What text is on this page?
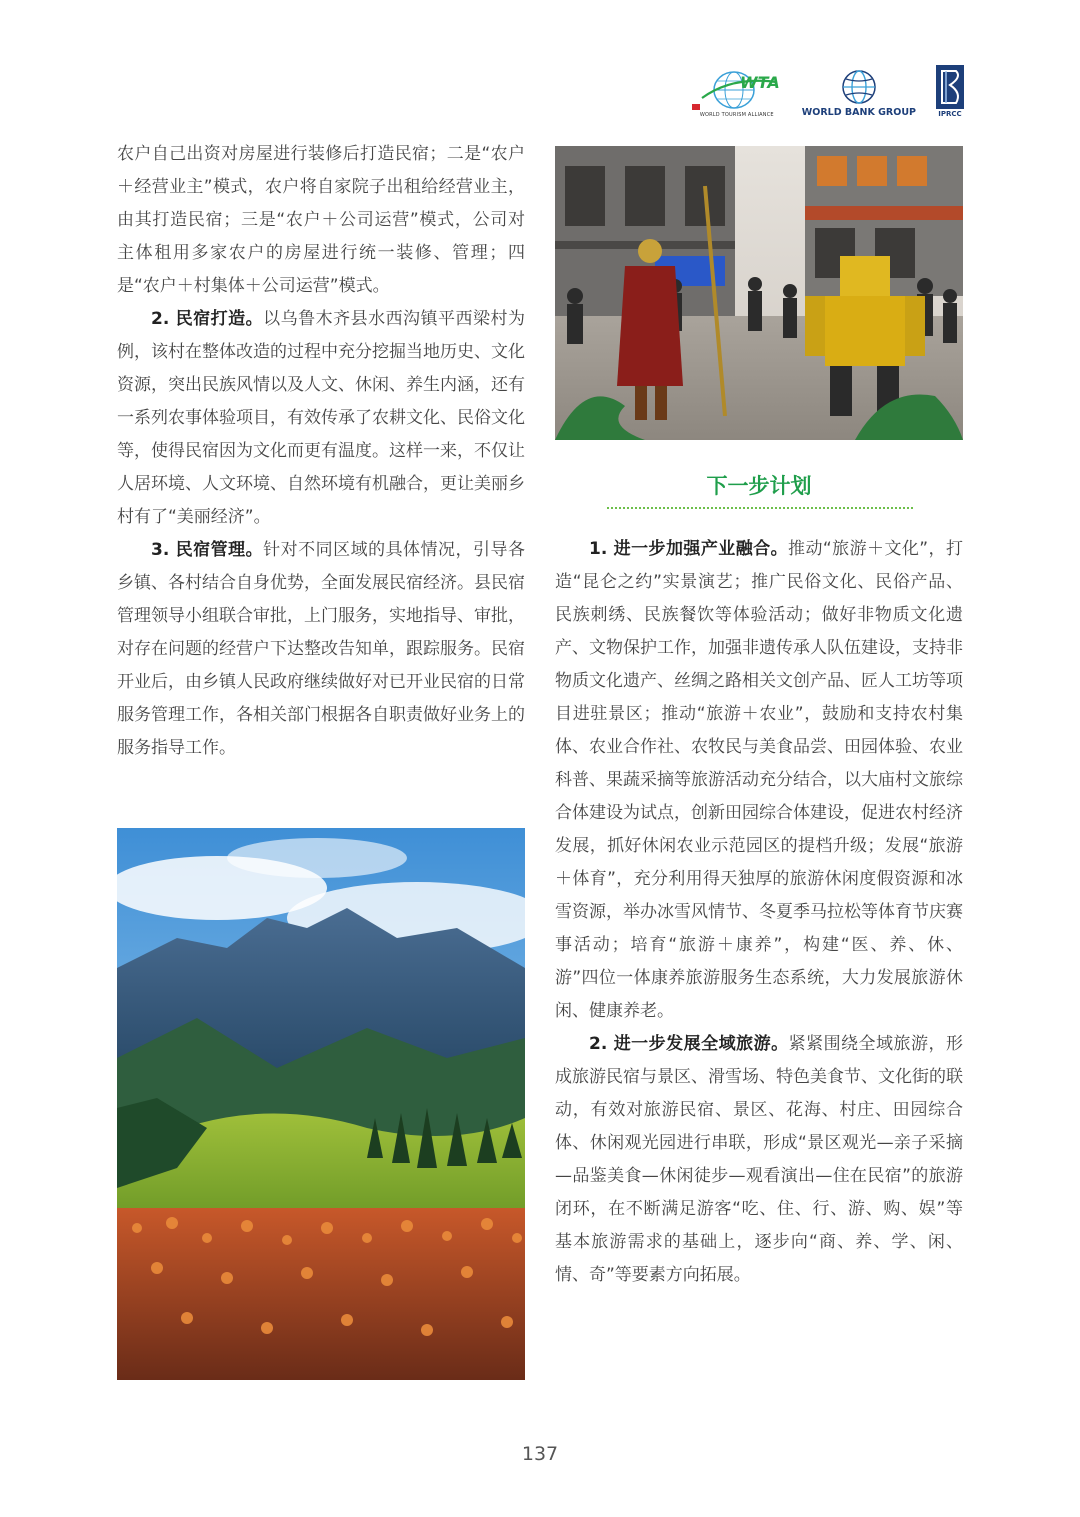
WTA
WORLD TOURISM ALLIANCE	WORLD BANK GROUP	IPRCC

农户自己出资对房屋进行装修后打造民宿；二是“农户＋经营业主”模式，农户将自家院子出租给经营业主，由其打造民宿；三是“农户＋公司运营”模式，公司对主体租用多家农户的房屋进行统一装修、管理；四是“农户＋村集体＋公司运营”模式。

2. 民宿打造。以乌鲁木齐县水西沟镇平西梁村为例，该村在整体改造的过程中充分挖掘当地历史、文化资源，突出民族风情以及人文、休闲、养生内涵，还有一系列农事体验项目，有效传承了农耕文化、民俗文化等，使得民宿因为文化而更有温度。这样一来，不仅让人居环境、人文环境、自然环境有机融合，更让美丽乡村有了“美丽经济”。

3. 民宿管理。针对不同区域的具体情况，引导各乡镇、各村结合自身优势，全面发展民宿经济。县民宿管理领导小组联合审批，上门服务，实地指导、审批，对存在问题的经营户下达整改告知单，跟踪服务。民宿开业后，由乡镇人民政府继续做好对已开业民宿的日常服务管理工作，各相关部门根据各自职责做好业务上的服务指导工作。

下一步计划

1. 进一步加强产业融合。推动“旅游＋文化”，打造“昆仑之约”实景演艺；推广民俗文化、民俗产品、民族刺绣、民族餐饮等体验活动；做好非物质文化遗产、文物保护工作，加强非遗传承人队伍建设，支持非物质文化遗产、丝绸之路相关文创产品、匠人工坊等项目进驻景区；推动“旅游＋农业”，鼓励和支持农村集体、农业合作社、农牧民与美食品尝、田园体验、农业科普、果蔬采摘等旅游活动充分结合，以大庙村文旅综合体建设为试点，创新田园综合体建设，促进农村经济发展，抓好休闲农业示范园区的提档升级；发展“旅游＋体育”，充分利用得天独厚的旅游休闲度假资源和冰雪资源，举办冰雪风情节、冬夏季马拉松等体育节庆赛事活动；培育“旅游＋康养”，构建“医、养、休、游”四位一体康养旅游服务生态系统，大力发展旅游休闲、健康养老。

2. 进一步发展全域旅游。紧紧围绕全域旅游，形成旅游民宿与景区、滑雪场、特色美食节、文化街的联动，有效对旅游民宿、景区、花海、村庄、田园综合体、休闲观光园进行串联，形成“景区观光—亲子采摘—品鉴美食—休闲徒步—观看演出—住在民宿”的旅游闭环，在不断满足游客“吃、住、行、游、购、娱”等基本旅游需求的基础上，逐步向“商、养、学、闲、情、奇”等要素方向拓展。

137
